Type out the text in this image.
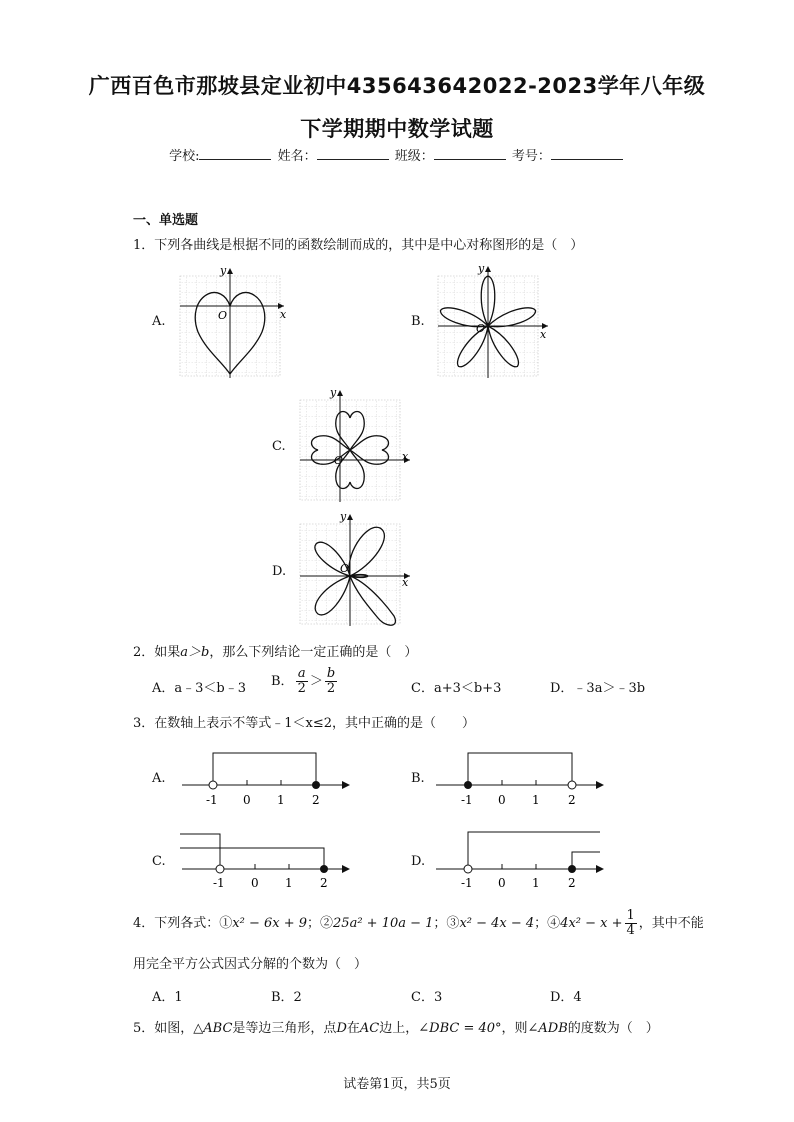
广西百色市那坡县定业初中435643642022-2023学年八年级
下学期期中数学试题
学校:	姓名：	班级：	考号：
一、单选题
1．下列各曲线是根据不同的函数绘制而成的，其中是中心对称图形的是（　）
A.	B.
C.
D.
y
x
O
y
x
O
y
x
O
y
x
O
2．如果a＞b，那么下列结论一定正确的是（　）
A．a﹣3＜b﹣3 B． $\frac{a}{2} > \frac{b}{2}$	C．a+3＜b+3	D．﹣3a＞﹣3b
3．在数轴上表示不等式﹣1＜x≤2，其中正确的是（　　）
A.	B.
C.	D.
-1 0 1 2	-1 0 1 2
-1 0 1 2	-1 0 1 2
4．下列各式：①x² − 6x + 9；②25a² + 10a − 1；③x² − 4x − 4；④4x² − $x + \frac{1}{4}$ ，其中不能
用完全平方公式因式分解的个数为（　）
A．1	B．2	C．3	D．4
5．如图，△ABC是等边三角形，点D在AC边上，∠DBC = 40°，则∠ADB的度数为（　）
试卷第1页，共5页
